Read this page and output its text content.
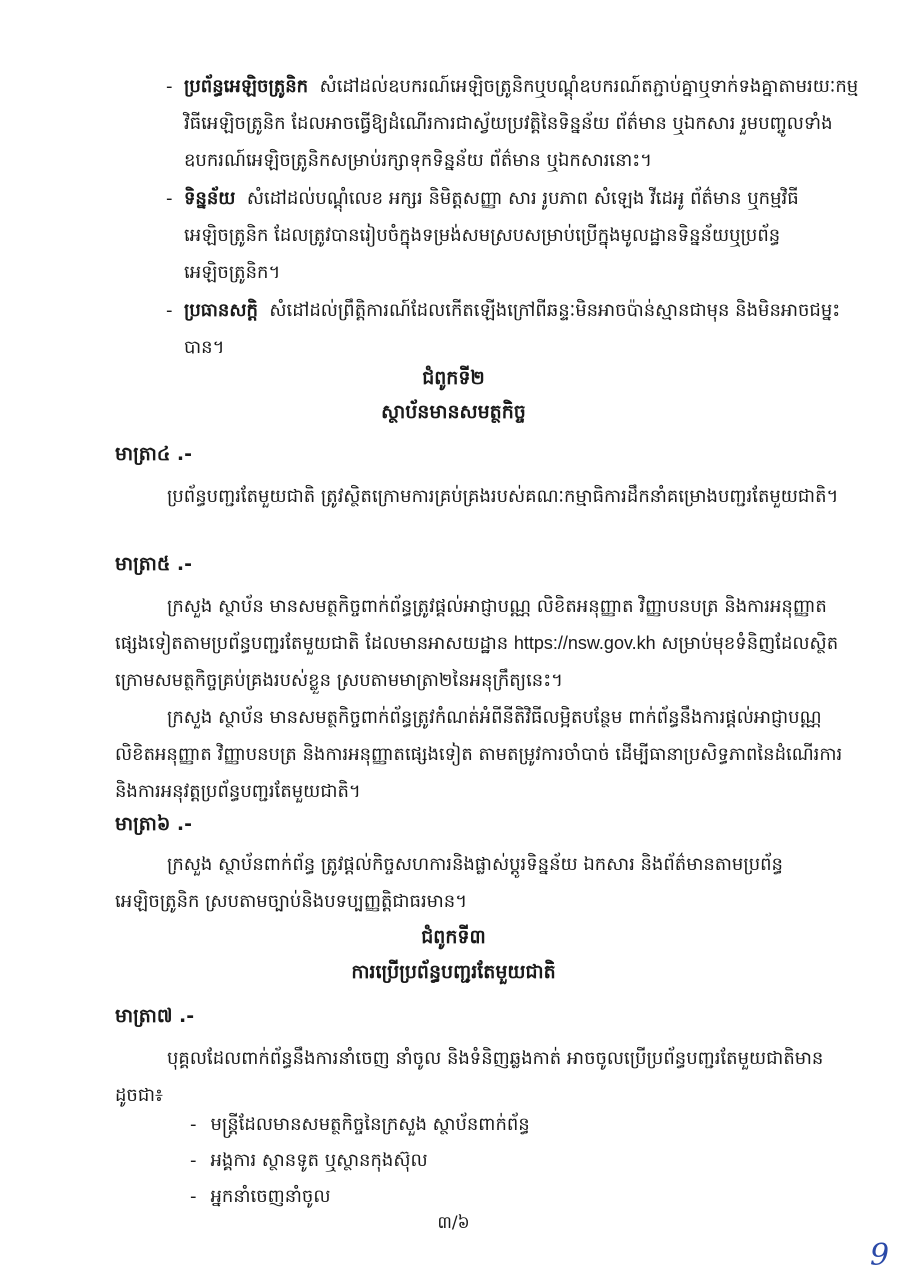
- ប្រព័ន្ធអេឡិចត្រូនិក សំដៅដល់ឧបករណ៍អេឡិចត្រូនិកឬបណ្តុំឧបករណ៍តភ្ជាប់គ្នាឬទាក់ទងគ្នាតាមរយៈកម្មវិធីអេឡិចត្រូនិក ដែលអាចធ្វើឱ្យដំណើរការជាស្វ័យប្រវត្តិនៃទិន្នន័យ ព័ត៌មាន ឬឯកសារ រួមបញ្ចូលទាំងឧបករណ៍អេឡិចត្រូនិកសម្រាប់រក្សាទុកទិន្នន័យ ព័ត៌មាន ឬឯកសារនោះ។
- ទិន្នន័យ សំដៅដល់បណ្តុំលេខ អក្សរ និមិត្តសញ្ញា សារ រូបភាព សំឡេង វីដេអូ ព័ត៌មាន ឬកម្មវិធីអេឡិចត្រូនិក ដែលត្រូវបានរៀបចំក្នុងទម្រង់សមស្របសម្រាប់ប្រើក្នុងមូលដ្ឋានទិន្នន័យឬប្រព័ន្ធអេឡិចត្រូនិក។
- ប្រធានសក្តិ សំដៅដល់ព្រឹត្តិការណ៍ដែលកើតឡើងក្រៅពីឆន្ទៈមិនអាចប៉ាន់ស្មានជាមុន និងមិនអាចជម្នះបាន។
ជំពូកទី២
ស្ថាប័នមានសមត្ថកិច្ច
មាត្រា៤ .-
ប្រព័ន្ធបញ្ជរតែមួយជាតិ ត្រូវស្ថិតក្រោមការគ្រប់គ្រងរបស់គណៈកម្មាធិការដឹកនាំគម្រោងបញ្ជរតែមួយជាតិ។
មាត្រា៥ .-
ក្រសួង ស្ថាប័ន មានសមត្ថកិច្ចពាក់ព័ន្ធត្រូវផ្តល់អាជ្ញាបណ្ណ លិខិតអនុញ្ញាត វិញ្ញាបនបត្រ និងការអនុញ្ញាតផ្សេងទៀតតាមប្រព័ន្ធបញ្ជរតែមួយជាតិ ដែលមានអាសយដ្ឋាន https://nsw.gov.kh សម្រាប់មុខទំនិញដែលស្ថិតក្រោមសមត្ថកិច្ចគ្រប់គ្រងរបស់ខ្លួន ស្របតាមមាត្រា២នៃអនុក្រឹត្យនេះ។
ក្រសួង ស្ថាប័ន មានសមត្ថកិច្ចពាក់ព័ន្ធត្រូវកំណត់អំពីនីតិវិធីលម្អិតបន្ថែម ពាក់ព័ន្ធនឹងការផ្តល់អាជ្ញាបណ្ណ លិខិតអនុញ្ញាត វិញ្ញាបនបត្រ និងការអនុញ្ញាតផ្សេងទៀត តាមតម្រូវការចាំបាច់ ដើម្បីធានាប្រសិទ្ធភាពនៃដំណើរការនិងការអនុវត្តប្រព័ន្ធបញ្ជរតែមួយជាតិ។
មាត្រា៦ .-
ក្រសួង ស្ថាប័នពាក់ព័ន្ធ ត្រូវផ្តល់កិច្ចសហការនិងផ្លាស់ប្តូរទិន្នន័យ ឯកសារ និងព័ត៌មានតាមប្រព័ន្ធអេឡិចត្រូនិក ស្របតាមច្បាប់និងបទប្បញ្ញត្តិជាធរមាន។
ជំពូកទី៣
ការប្រើប្រព័ន្ធបញ្ជរតែមួយជាតិ
មាត្រា៧ .-
បុគ្គលដែលពាក់ព័ន្ធនឹងការនាំចេញ នាំចូល និងទំនិញឆ្លងកាត់ អាចចូលប្រើប្រព័ន្ធបញ្ជរតែមួយជាតិមានដូចជា៖
- មន្ត្រីដែលមានសមត្ថកិច្ចនៃក្រសួង ស្ថាប័នពាក់ព័ន្ធ
- អង្គការ ស្ថានទូត ឬស្ថានកុងស៊ុល
- អ្នកនាំចេញនាំចូល
៣/៦
9
